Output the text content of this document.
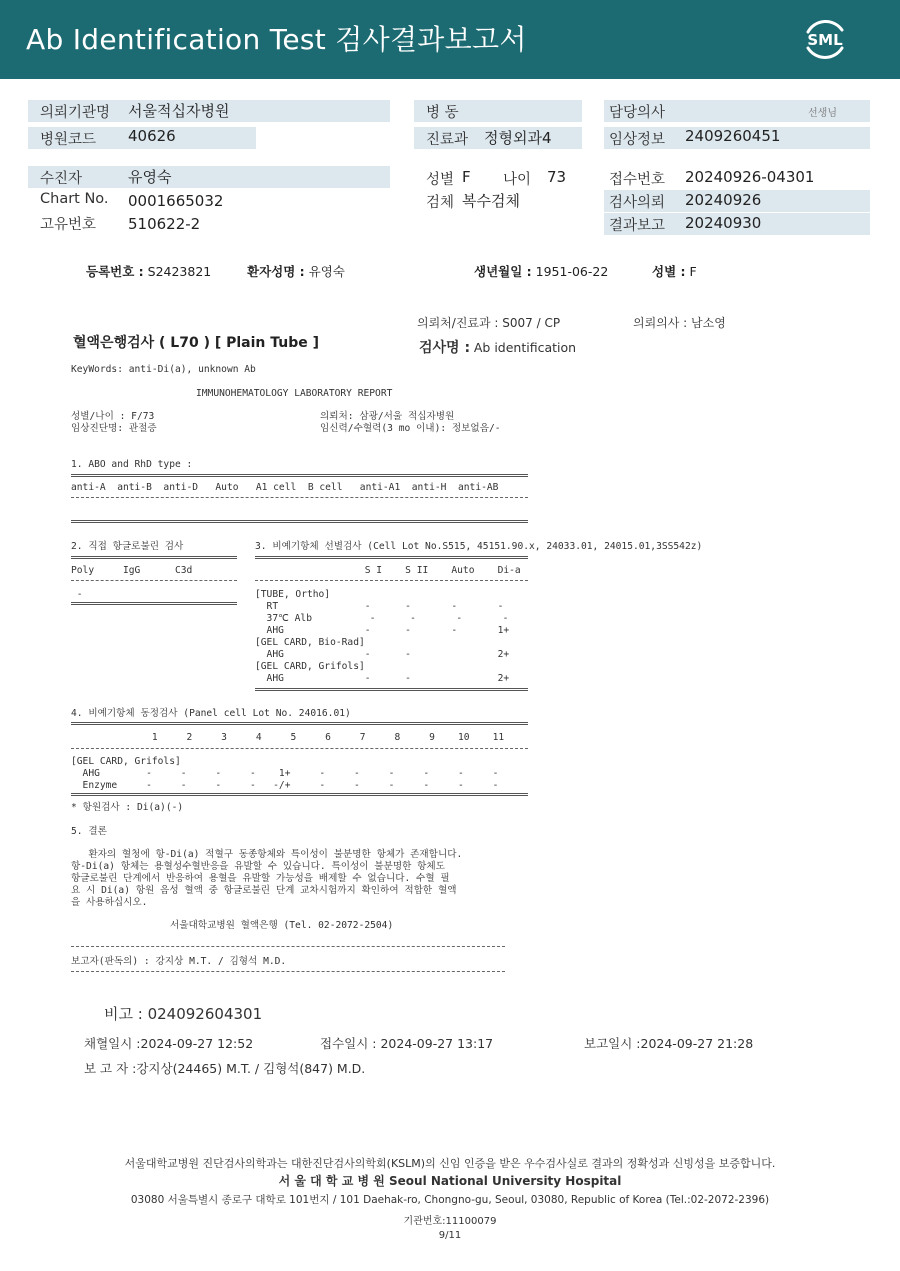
Ab Identification Test 검사결과보고서	SML
의뢰기관명 서울적십자병원
병원코드 40626
수진자	유영숙
Chart No. 0001665032
고유번호 510622-2
병 동
진료과 정형외과4
성별 F 나이 73
검체 복수검체
담당의사	선생님
임상정보 2409260451
접수번호 20240926-04301
검사의뢰 20240926
결과보고 20240930
등록번호 : S2423821	환자성명 : 유영숙	생년월일 : 1951-06-22	성별 : F
의뢰처/진료과 : S007 / CP	의뢰의사 : 남소영
혈액은행검사 ( L70 ) [ Plain Tube ]	검사명 : Ab identification
KeyWords: anti-Di(a), unknown Ab
IMMUNOHEMATOLOGY LABORATORY REPORT
성별/나이 : F/73
임상진단명: 관절증
의뢰처: 삼광/서울 적십자병원
임신력/수혈력(3 mo 이내): 정보없음/-
1. ABO and RhD type :
anti-A  anti-B  anti-D   Auto   A1 cell  B cell   anti-A1  anti-H  anti-AB
2. 직접 항글로불린 검사
Poly     IgG      C3d
-
3. 비예기항체 선별검사 (Cell Lot No.S515, 45151.90.x, 24033.01, 24015.01,3SS542z)
S I    S II    Auto    Di-a
[TUBE, Ortho]
RT               -      -       -       -
37℃ Alb          -      -       -       -
AHG              -      -       -       1+
[GEL CARD, Bio-Rad]
AHG              -      -               2+
[GEL CARD, Grifols]
AHG              -      -               2+
4. 비예기항체 동정검사 (Panel cell Lot No. 24016.01)
1     2     3     4     5     6     7     8     9    10    11
[GEL CARD, Grifols]
AHG        -     -     -     -    1+     -     -     -     -     -     -
Enzyme     -     -     -     -   -/+     -     -     -     -     -     -
* 항원검사 : Di(a)(-)
5. 결론
환자의 혈청에 항-Di(a) 적혈구 동종항체와 특이성이 불분명한 항체가 존재합니다.
항-Di(a) 항체는 용혈성수혈반응을 유발할 수 있습니다. 특이성이 불분명한 항체도
항글로불린 단계에서 반응하여 용혈을 유발할 가능성을 배제할 수 없습니다. 수혈 필
요 시 Di(a) 항원 음성 혈액 중 항글로불린 단계 교차시험까지 확인하여 적합한 혈액
을 사용하십시오.
서울대학교병원 혈액은행 (Tel. 02-2072-2504)
보고자(판독의) : 강지상 M.T. / 김형석 M.D.
비고 : 024092604301
채혈일시 :2024-09-27 12:52	접수일시 : 2024-09-27 13:17	보고일시 :2024-09-27 21:28
보 고 자 :강지상(24465) M.T. / 김형석(847) M.D.
서울대학교병원 진단검사의학과는 대한진단검사의학회(KSLM)의 신임 인증을 받은 우수검사실로 결과의 정확성과 신빙성을 보증합니다.
서 울 대 학 교 병 원 Seoul National University Hospital
03080 서울특별시 종로구 대학로 101번지 / 101 Daehak-ro, Chongno-gu, Seoul, 03080, Republic of Korea (Tel.:02-2072-2396)
기관번호:11100079
9/11
